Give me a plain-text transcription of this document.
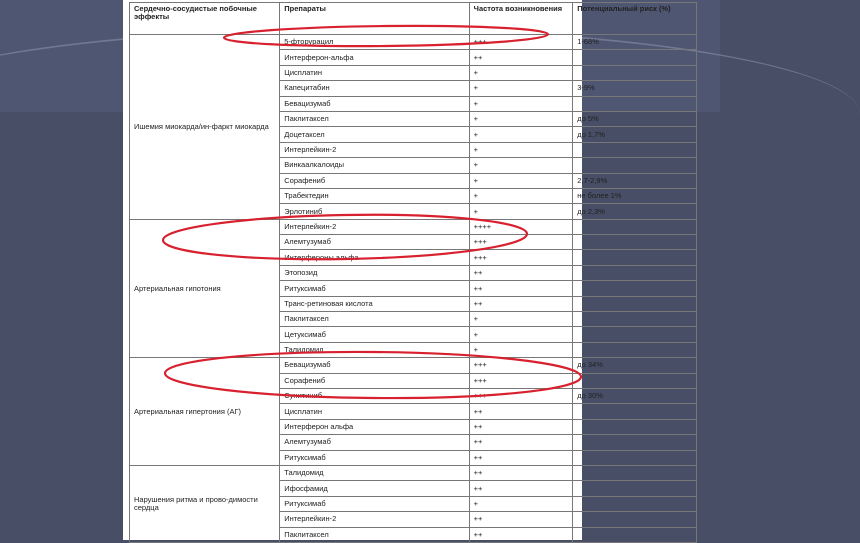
Сердечно-сосудистые побочные эффекты	Препараты	Частота возникновения	Потенциальный риск (%)
Ишемия миокарда/ин-фаркт миокарда	5-фторурацил	+++	1-68%
	Интерферон-альфа	++	
	Цисплатин	+	
	Капецитабин	+	3-9%
	Бевацизумаб	+	
	Паклитаксел	+	до 5%
	Доцетаксел	+	до 1,7%
	Интерлейкин-2	+	
	Винкаалкалоиды	+	
	Сорафениб	+	2,7-2,9%
	Трабектедин	+	не более 1%
	Эрлотиниб	+	до 2,3%
Артериальная гипотония	Интерлейкин-2	++++	
	Алемтузумаб	+++	
	Интерфероны альфа	+++	
	Этопозид	++	
	Ритуксимаб	++	
	Транс-ретиновая кислота	++	
	Паклитаксел	+	
	Цетуксимаб	+	
	Талидомид	+	
Артериальная гипертония (АГ)	Бевацизумаб	+++	до 34%
	Сорафениб	+++	
	Сунитиниб	+++	до 30%
	Цисплатин	++	
	Интерферон альфа	++	
	Алемтузумаб	++	
	Ритуксимаб	++	
Нарушения ритма и прово-димости сердца	Талидомид	++	
	Ифосфамид	++	
	Ритуксимаб	+	
	Интерлейкин-2	++	
	Паклитаксел	++	
